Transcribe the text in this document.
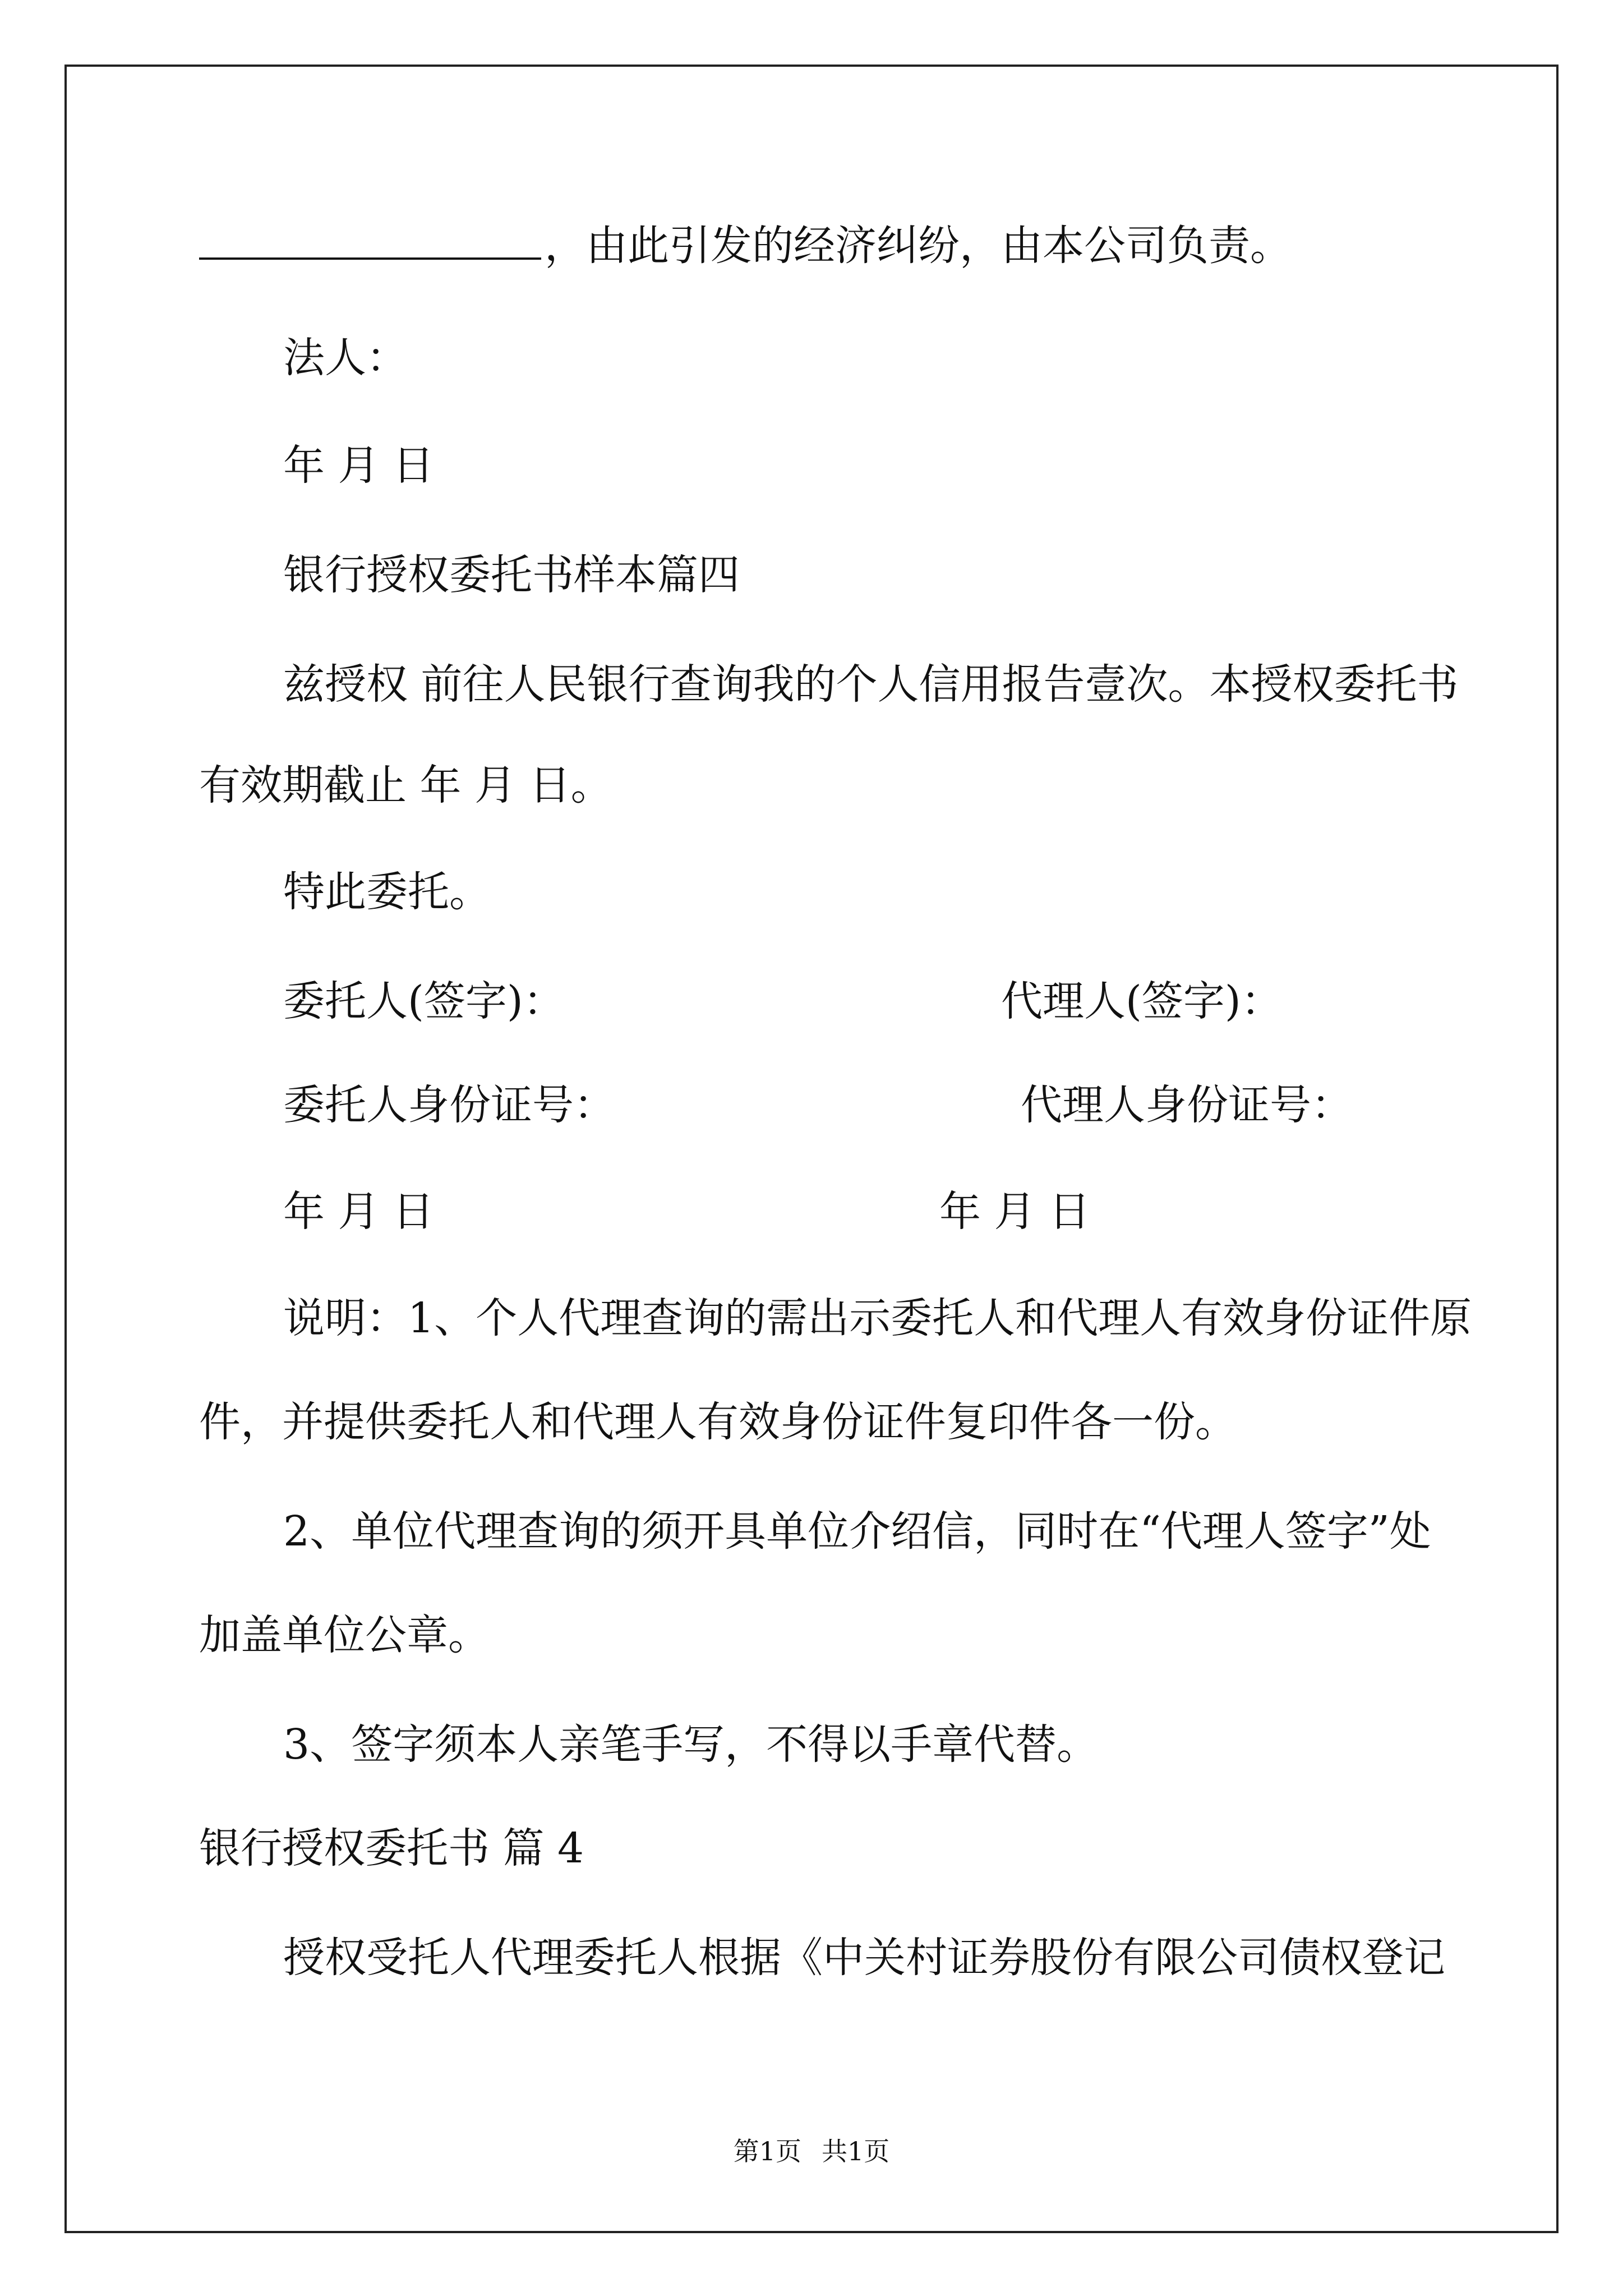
，由此引发的经济纠纷，由本公司负责。

法人：

年 月 日

银行授权委托书样本篇四

兹授权 前往人民银行查询我的个人信用报告壹次。本授权委托书

有效期截止 年 月 日。

特此委托。

委托人(签字)：	代理人(签字)：

委托人身份证号：	代理人身份证号：

年 月 日	年 月 日

说明：1、个人代理查询的需出示委托人和代理人有效身份证件原

件，并提供委托人和代理人有效身份证件复印件各一份。

2、单位代理查询的须开具单位介绍信，同时在“代理人签字”处

加盖单位公章。

3、签字须本人亲笔手写，不得以手章代替。

银行授权委托书 篇 4

授权受托人代理委托人根据《中关村证券股份有限公司债权登记

第1页 共1页
